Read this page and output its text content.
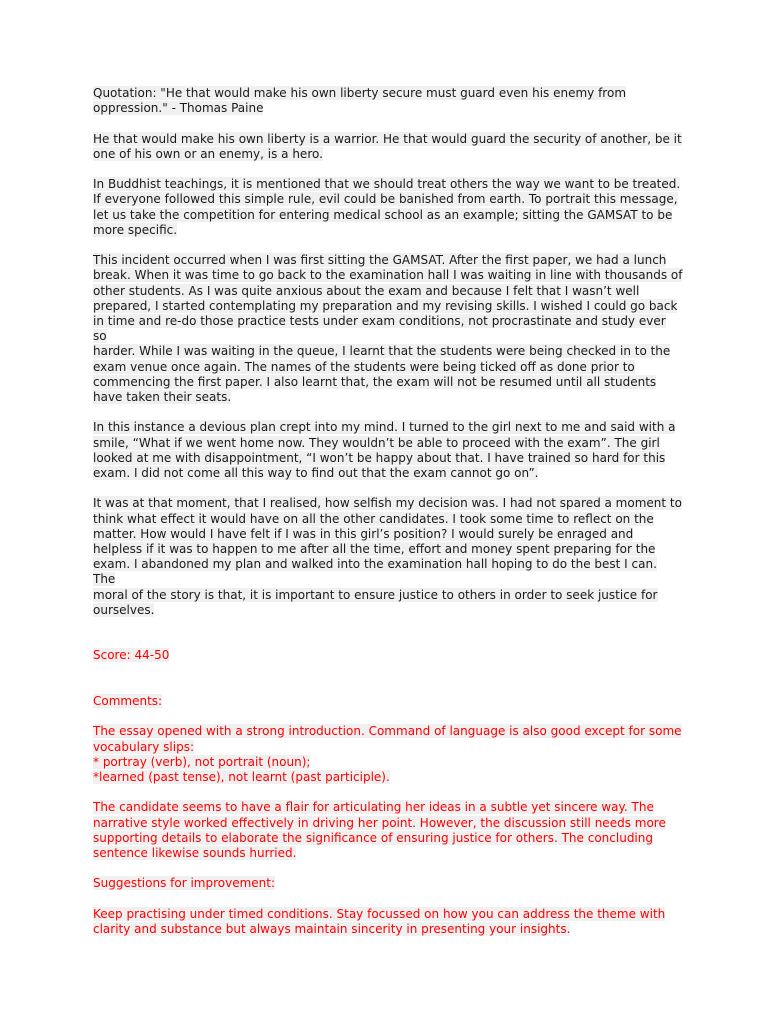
Quotation: "He that would make his own liberty secure must guard even his enemy from
oppression." - Thomas Paine
He that would make his own liberty is a warrior. He that would guard the security of another, be it
one of his own or an enemy, is a hero.
In Buddhist teachings, it is mentioned that we should treat others the way we want to be treated.
If everyone followed this simple rule, evil could be banished from earth. To portrait this message,
let us take the competition for entering medical school as an example; sitting the GAMSAT to be
more specific.
This incident occurred when I was first sitting the GAMSAT. After the first paper, we had a lunch
break. When it was time to go back to the examination hall I was waiting in line with thousands of
other students. As I was quite anxious about the exam and because I felt that I wasn’t well
prepared, I started contemplating my preparation and my revising skills. I wished I could go back
in time and re-do those practice tests under exam conditions, not procrastinate and study ever so
harder. While I was waiting in the queue, I learnt that the students were being checked in to the
exam venue once again. The names of the students were being ticked off as done prior to
commencing the first paper. I also learnt that, the exam will not be resumed until all students
have taken their seats.
In this instance a devious plan crept into my mind. I turned to the girl next to me and said with a
smile, “What if we went home now. They wouldn’t be able to proceed with the exam”. The girl
looked at me with disappointment, “I won’t be happy about that. I have trained so hard for this
exam. I did not come all this way to find out that the exam cannot go on”.
It was at that moment, that I realised, how selfish my decision was. I had not spared a moment to
think what effect it would have on all the other candidates. I took some time to reflect on the
matter. How would I have felt if I was in this girl’s position? I would surely be enraged and
helpless if it was to happen to me after all the time, effort and money spent preparing for the
exam. I abandoned my plan and walked into the examination hall hoping to do the best I can. The
moral of the story is that, it is important to ensure justice to others in order to seek justice for
ourselves.
Score: 44-50
Comments:
The essay opened with a strong introduction. Command of language is also good except for some
vocabulary slips:
* portray (verb), not portrait (noun);
*learned (past tense), not learnt (past participle).
The candidate seems to have a flair for articulating her ideas in a subtle yet sincere way. The
narrative style worked effectively in driving her point. However, the discussion still needs more
supporting details to elaborate the significance of ensuring justice for others. The concluding
sentence likewise sounds hurried.
Suggestions for improvement:
Keep practising under timed conditions. Stay focussed on how you can address the theme with
clarity and substance but always maintain sincerity in presenting your insights.
